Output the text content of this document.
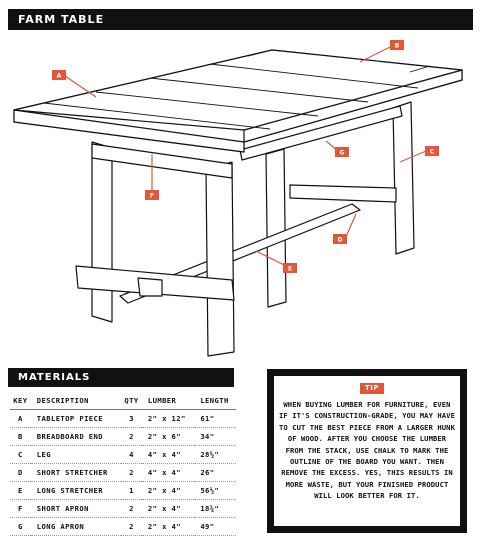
FARM TABLE
A
B
C
D
E
F
G
MATERIALS
KEY	DESCRIPTION	QTY	LUMBER	LENGTH
A	TABLETOP PIECE	3	2" x 12"	61"
B	BREADBOARD END	2	2" x 6"	34"
C	LEG	4	4" x 4"	28½"
D	SHORT STRETCHER	2	4" x 4"	26"
E	LONG STRETCHER	1	2" x 4"	56½"
F	SHORT APRON	2	2" x 4"	18¾"
G	LONG APRON	2	2" x 4"	49"
TIP
WHEN BUYING LUMBER FOR FURNITURE, EVEN IF IT'S CONSTRUCTION-GRADE, YOU MAY HAVE TO CUT THE BEST PIECE FROM A LARGER HUNK OF WOOD. AFTER YOU CHOOSE THE LUMBER FROM THE STACK, USE CHALK TO MARK THE OUTLINE OF THE BOARD YOU WANT. THEN REMOVE THE EXCESS. YES, THIS RESULTS IN MORE WASTE, BUT YOUR FINISHED PRODUCT WILL LOOK BETTER FOR IT.
